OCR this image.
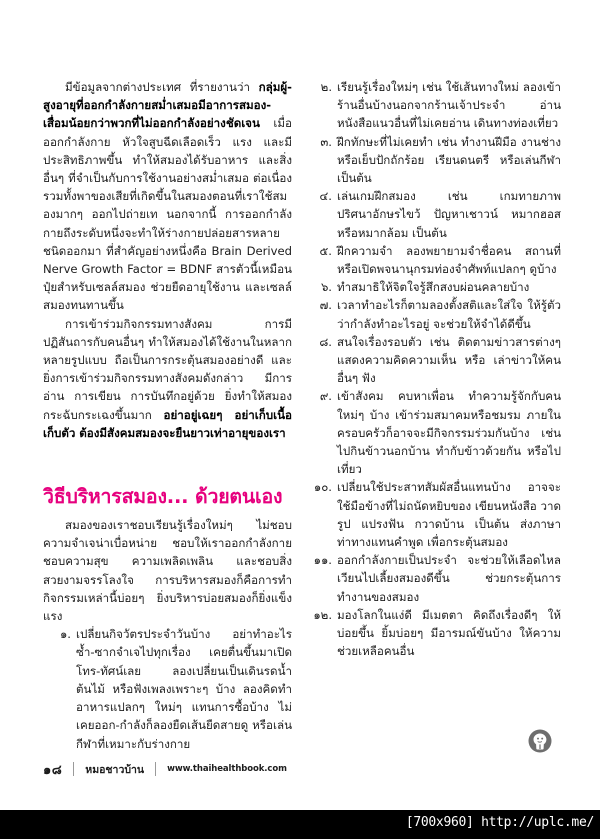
มีข้อมูลจากต่างประเทศ ที่รายงานว่า กลุ่มผู้-สูงอายุที่ออกกำลังกายสม่ำเสมอมีอาการสมอง-เสื่อมน้อยกว่าพวกที่ไม่ออกกำลังอย่างชัดเจน เมื่อออกกำลังกาย หัวใจสูบฉีดเลือดเร็ว แรง และมีประสิทธิภาพขึ้น ทำให้สมองได้รับอาหาร และสิ่งอื่นๆ ที่จำเป็นกับการใช้งานอย่างสม่ำเสมอ ต่อเนื่อง รวมทั้งพาของเสียที่เกิดขึ้นในสมองตอนที่เราใช้สมองมากๆ ออกไปถ่ายเท นอกจากนี้ การออกกำลังกายถึงระดับหนึ่งจะทำให้ร่างกายปล่อยสารหลายชนิดออกมา ที่สำคัญอย่างหนึ่งคือ Brain Derived Nerve Growth Factor = BDNF สารตัวนี้เหมือนปุ๋ยสำหรับเซลล์สมอง ช่วยยืดอายุใช้งาน และเซลล์สมองทนทานขึ้น

การเข้าร่วมกิจกรรมทางสังคม การมีปฏิสันถารกับคนอื่นๆ ทำให้สมองได้ใช้งานในหลากหลายรูปแบบ ถือเป็นการกระตุ้นสมองอย่างดี และยิ่งการเข้าร่วมกิจกรรมทางสังคมดังกล่าว มีการอ่าน การเขียน การบันทึกอยู่ด้วย ยิ่งทำให้สมองกระฉับกระเฉงขึ้นมาก อย่าอยู่เฉยๆ อย่าเก็บเนื้อเก็บตัว ต้องมีสังคมสมองจะยืนยาวเท่าอายุของเรา

วิธีบริหารสมอง... ด้วยตนเอง

สมองของเราชอบเรียนรู้เรื่องใหม่ๆ ไม่ชอบความจำเจน่าเบื่อหน่าย ชอบให้เราออกกำลังกาย ชอบความสุข ความเพลิดเพลิน และชอบสิ่งสวยงามจรรโลงใจ การบริหารสมองก็คือการทำกิจกรรมเหล่านี้บ่อยๆ ยิ่งบริหารบ่อยสมองก็ยิ่งแข็งแรง

๑. เปลี่ยนกิจวัตรประจำวันบ้าง อย่าทำอะไรซ้ำ-ซากจำเจไปทุกเรื่อง เคยตื่นขึ้นมาเปิดโทร-ทัศน์เลย ลองเปลี่ยนเป็นเดินรดน้ำต้นไม้ หรือฟังเพลงเพราะๆ บ้าง ลองคิดทำอาหารแปลกๆ ใหม่ๆ แทนการซื้อบ้าง ไม่เคยออก-กำลังก็ลองยืดเส้นยืดสายดู หรือเล่นกีฬาที่เหมาะกับร่างกาย
๒. เรียนรู้เรื่องใหม่ๆ เช่น ใช้เส้นทางใหม่ ลองเข้าร้านอื่นบ้างนอกจากร้านเจ้าประจำ อ่านหนังสือแนวอื่นที่ไม่เคยอ่าน เดินทางท่องเที่ยว
๓. ฝึกทักษะที่ไม่เคยทำ เช่น ทำงานฝีมือ งานช่างหรือเย็บปักถักร้อย เรียนดนตรี หรือเล่นกีฬา เป็นต้น
๔. เล่นเกมฝึกสมอง เช่น เกมทายภาพ ปริศนาอักษรไขว้ ปัญหาเชาวน์ หมากฮอส หรือหมากล้อม เป็นต้น
๕. ฝึกความจำ ลองพยายามจำชื่อคน สถานที่ หรือเปิดพจนานุกรมท่องจำศัพท์แปลกๆ ดูบ้าง
๖. ทำสมาธิให้จิตใจรู้สึกสงบผ่อนคลายบ้าง
๗. เวลาทำอะไรก็ตามลองตั้งสติและใส่ใจ ให้รู้ตัวว่ากำลังทำอะไรอยู่ จะช่วยให้จำได้ดีขึ้น
๘. สนใจเรื่องรอบตัว เช่น ติดตามข่าวสารต่างๆ แสดงความคิดความเห็น หรือ เล่าข่าวให้คนอื่นๆ ฟัง
๙. เข้าสังคม คบหาเพื่อน ทำความรู้จักกับคนใหม่ๆ บ้าง เข้าร่วมสมาคมหรือชมรม ภายในครอบครัวก็อาจจะมีกิจกรรมร่วมกันบ้าง เช่น ไปกินข้าวนอกบ้าน ทำกับข้าวด้วยกัน หรือไปเที่ยว
๑๐. เปลี่ยนใช้ประสาทสัมผัสอื่นแทนบ้าง อาจจะใช้มือข้างที่ไม่ถนัดหยิบของ เขียนหนังสือ วาดรูป แปรงฟัน กวาดบ้าน เป็นต้น ส่งภาษาท่าทางแทนคำพูด เพื่อกระตุ้นสมอง
๑๑. ออกกำลังกายเป็นประจำ จะช่วยให้เลือดไหลเวียนไปเลี้ยงสมองดีขึ้น ช่วยกระตุ้นการทำงานของสมอง
๑๒. มองโลกในแง่ดี มีเมตตา คิดถึงเรื่องดีๆ ให้บ่อยขึ้น ยิ้มบ่อยๆ มีอารมณ์ขันบ้าง ให้ความช่วยเหลือคนอื่น
๑๘ หมอชาวบ้าน	www.thaihealthbook.com
[700x960] http://uplc.me/
